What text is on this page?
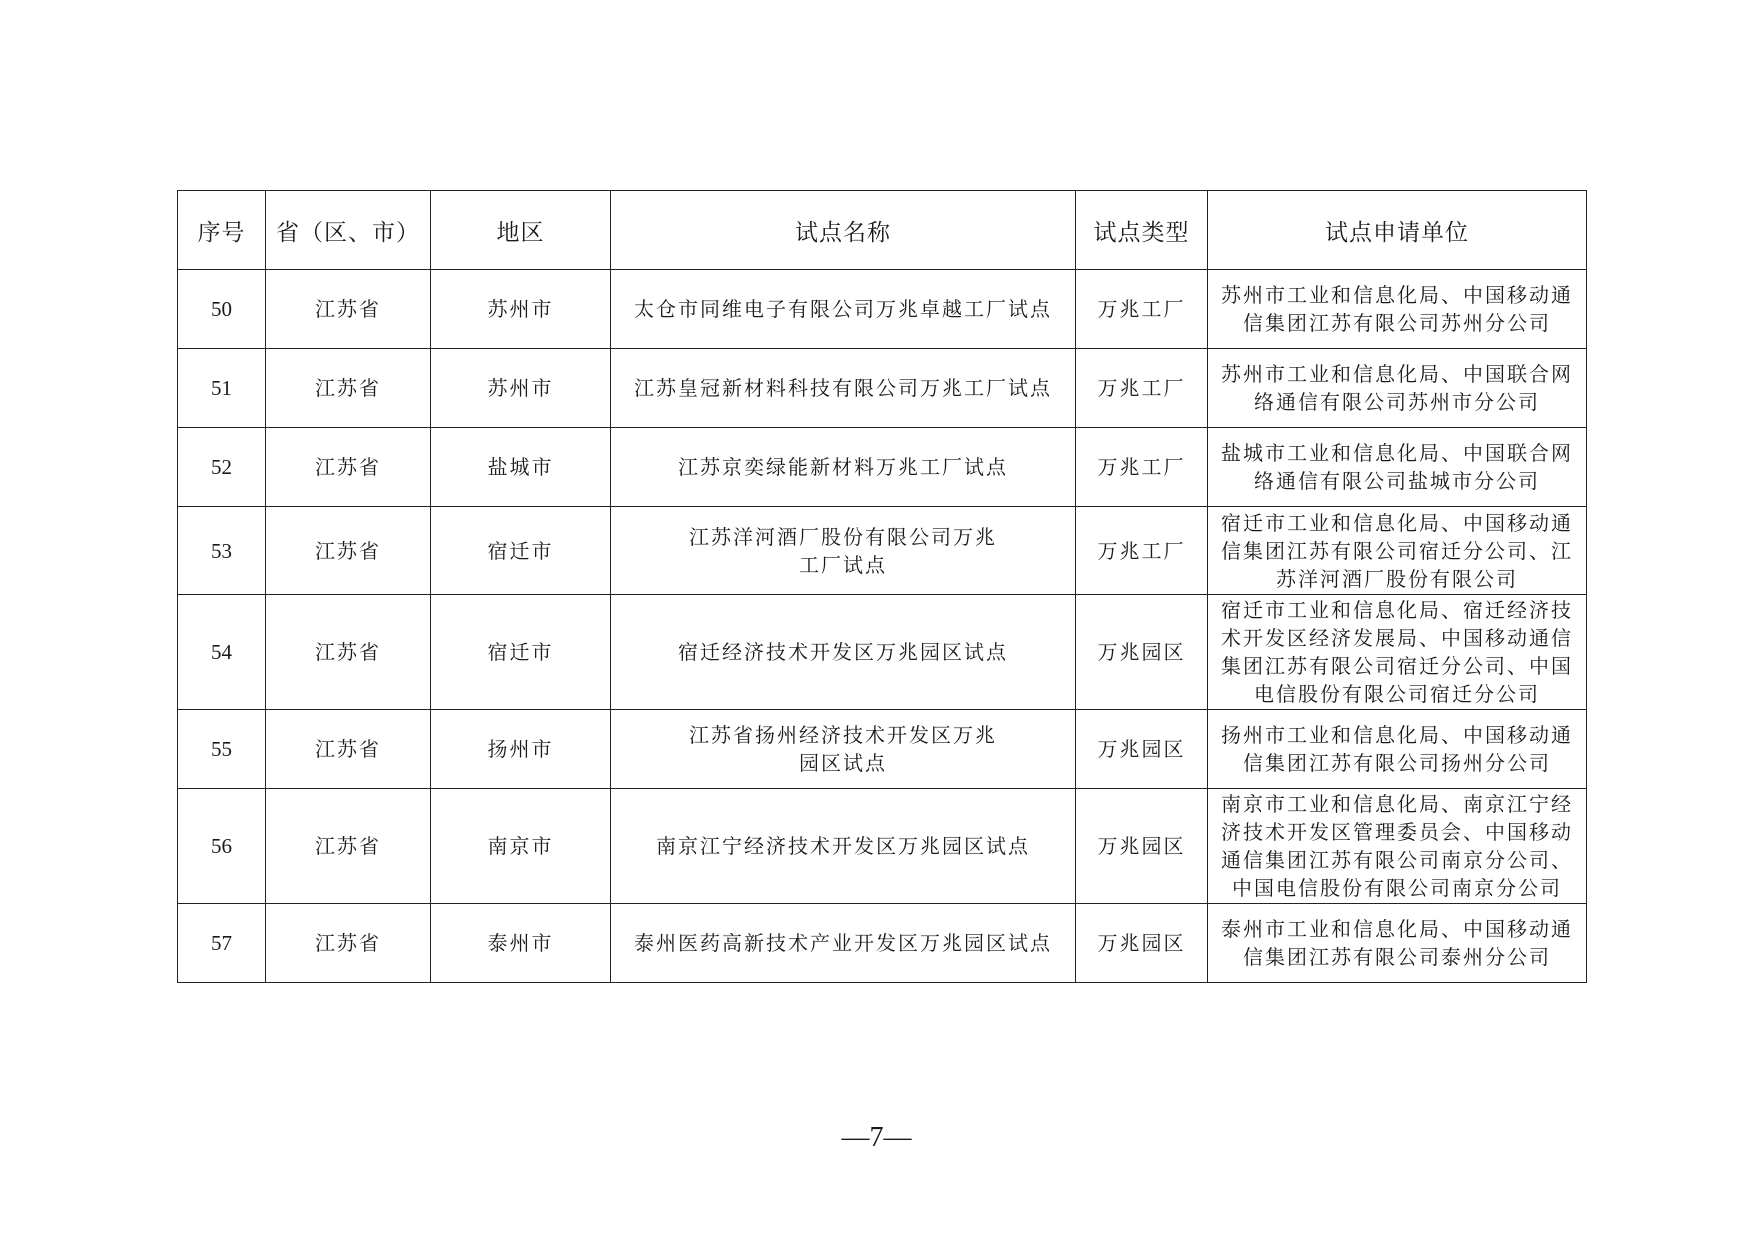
序号	省（区、市）	地区	试点名称	试点类型	试点申请单位
50	江苏省	苏州市	太仓市同维电子有限公司万兆卓越工厂试点	万兆工厂	苏州市工业和信息化局、中国移动通信集团江苏有限公司苏州分公司
51	江苏省	苏州市	江苏皇冠新材料科技有限公司万兆工厂试点	万兆工厂	苏州市工业和信息化局、中国联合网络通信有限公司苏州市分公司
52	江苏省	盐城市	江苏京奕绿能新材料万兆工厂试点	万兆工厂	盐城市工业和信息化局、中国联合网络通信有限公司盐城市分公司
53	江苏省	宿迁市	江苏洋河酒厂股份有限公司万兆工厂试点	万兆工厂	宿迁市工业和信息化局、中国移动通信集团江苏有限公司宿迁分公司、江苏洋河酒厂股份有限公司
54	江苏省	宿迁市	宿迁经济技术开发区万兆园区试点	万兆园区	宿迁市工业和信息化局、宿迁经济技术开发区经济发展局、中国移动通信集团江苏有限公司宿迁分公司、中国电信股份有限公司宿迁分公司
55	江苏省	扬州市	江苏省扬州经济技术开发区万兆园区试点	万兆园区	扬州市工业和信息化局、中国移动通信集团江苏有限公司扬州分公司
56	江苏省	南京市	南京江宁经济技术开发区万兆园区试点	万兆园区	南京市工业和信息化局、南京江宁经济技术开发区管理委员会、中国移动通信集团江苏有限公司南京分公司、中国电信股份有限公司南京分公司
57	江苏省	泰州市	泰州医药高新技术产业开发区万兆园区试点	万兆园区	泰州市工业和信息化局、中国移动通信集团江苏有限公司泰州分公司
—7—
